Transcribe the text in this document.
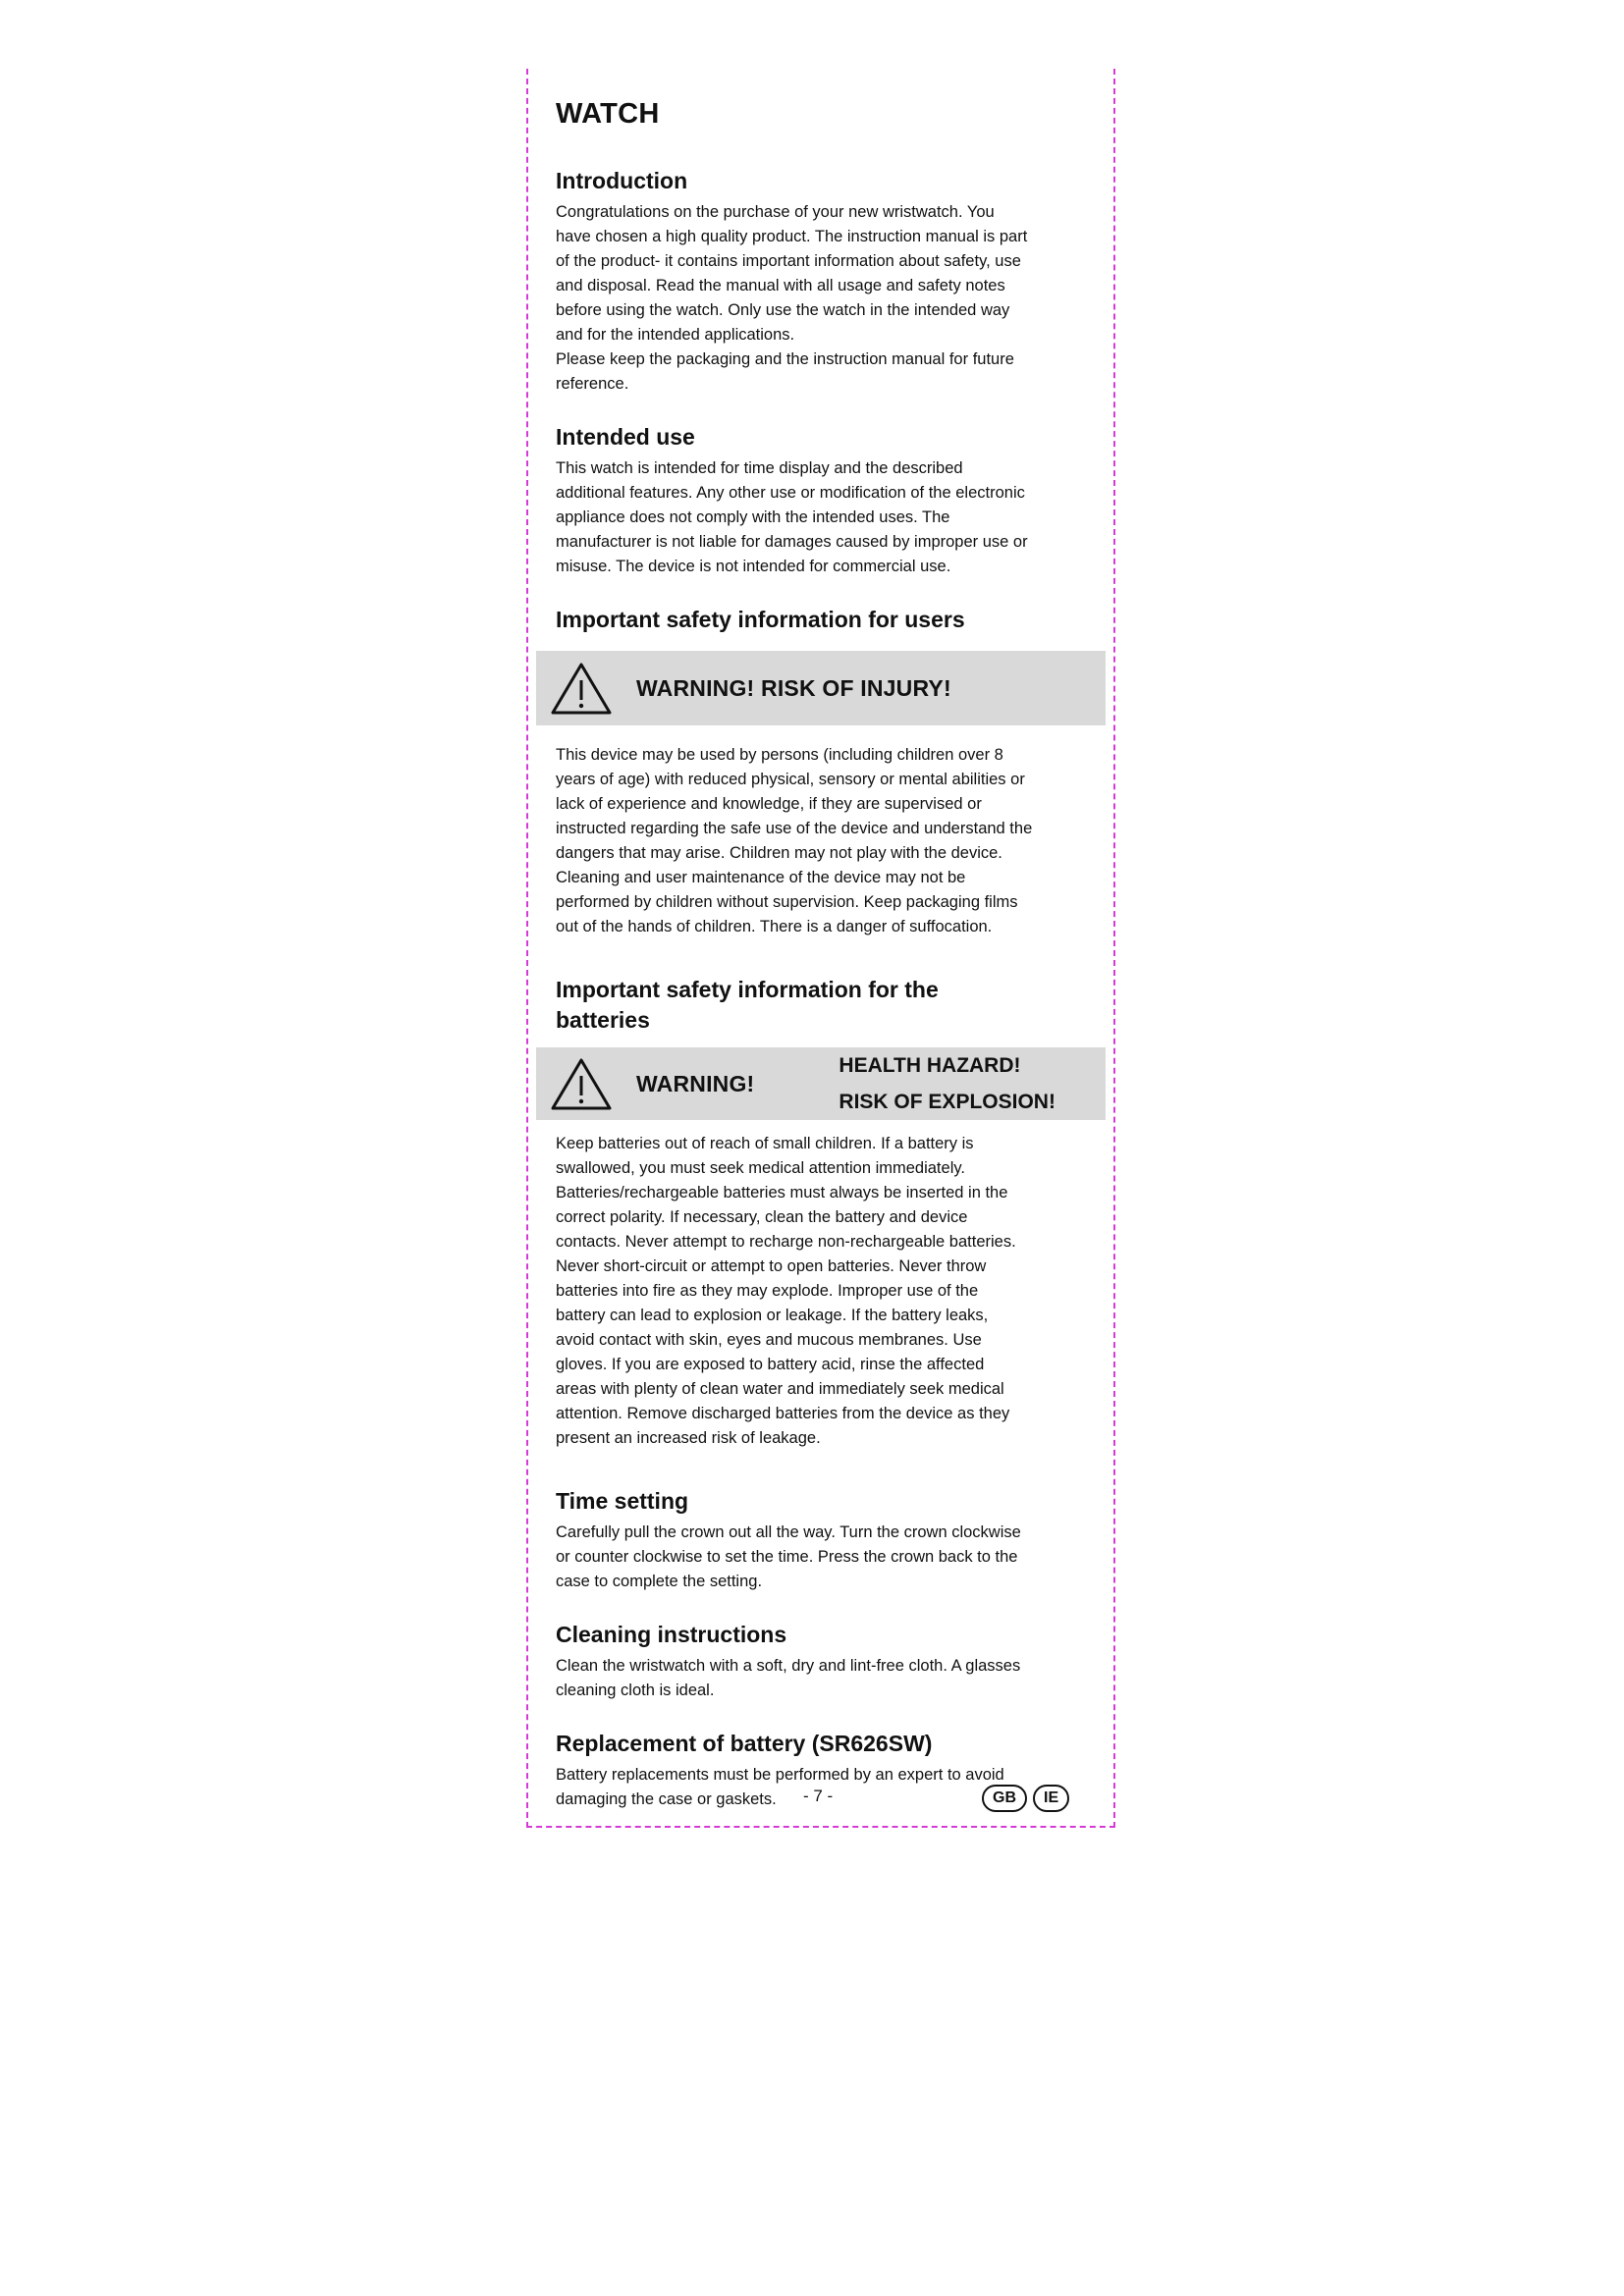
WATCH
Introduction

Congratulations on the purchase of your new wristwatch. You
have chosen a high quality product. The instruction manual is part
of the product- it contains important information about safety, use
and disposal. Read the manual with all usage and safety notes
before using the watch. Only use the watch in the intended way
and for the intended applications.
Please keep the packaging and the instruction manual for future
reference.

Intended use

This watch is intended for time display and the described
additional features. Any other use or modification of the electronic
appliance does not comply with the intended uses. The
manufacturer is not liable for damages caused by improper use or
misuse. The device is not intended for commercial use.

Important safety information for users
WARNING! RISK OF INJURY!

This device may be used by persons (including children over 8
years of age) with reduced physical, sensory or mental abilities or
lack of experience and knowledge, if they are supervised or
instructed regarding the safe use of the device and understand the
dangers that may arise. Children may not play with the device.
Cleaning and user maintenance of the device may not be
performed by children without supervision. Keep packaging films
out of the hands of children. There is a danger of suffocation.

Important safety information for the
batteries
WARNING!
HEALTH HAZARD!
RISK OF EXPLOSION!

Keep batteries out of reach of small children. If a battery is
swallowed, you must seek medical attention immediately.
Batteries/rechargeable batteries must always be inserted in the
correct polarity. If necessary, clean the battery and device
contacts. Never attempt to recharge non-rechargeable batteries.
Never short-circuit or attempt to open batteries. Never throw
batteries into fire as they may explode. Improper use of the
battery can lead to explosion or leakage. If the battery leaks,
avoid contact with skin, eyes and mucous membranes. Use
gloves. If you are exposed to battery acid, rinse the affected
areas with plenty of clean water and immediately seek medical
attention. Remove discharged batteries from the device as they
present an increased risk of leakage.

Time setting

Carefully pull the crown out all the way. Turn the crown clockwise
or counter clockwise to set the time. Press the crown back to the
case to complete the setting.

Cleaning instructions

Clean the wristwatch with a soft, dry and lint-free cloth. A glasses
cleaning cloth is ideal.

Replacement of battery (SR626SW)

Battery replacements must be performed by an expert to avoid
damaging the case or gaskets.	- 7 -	GB	IE
